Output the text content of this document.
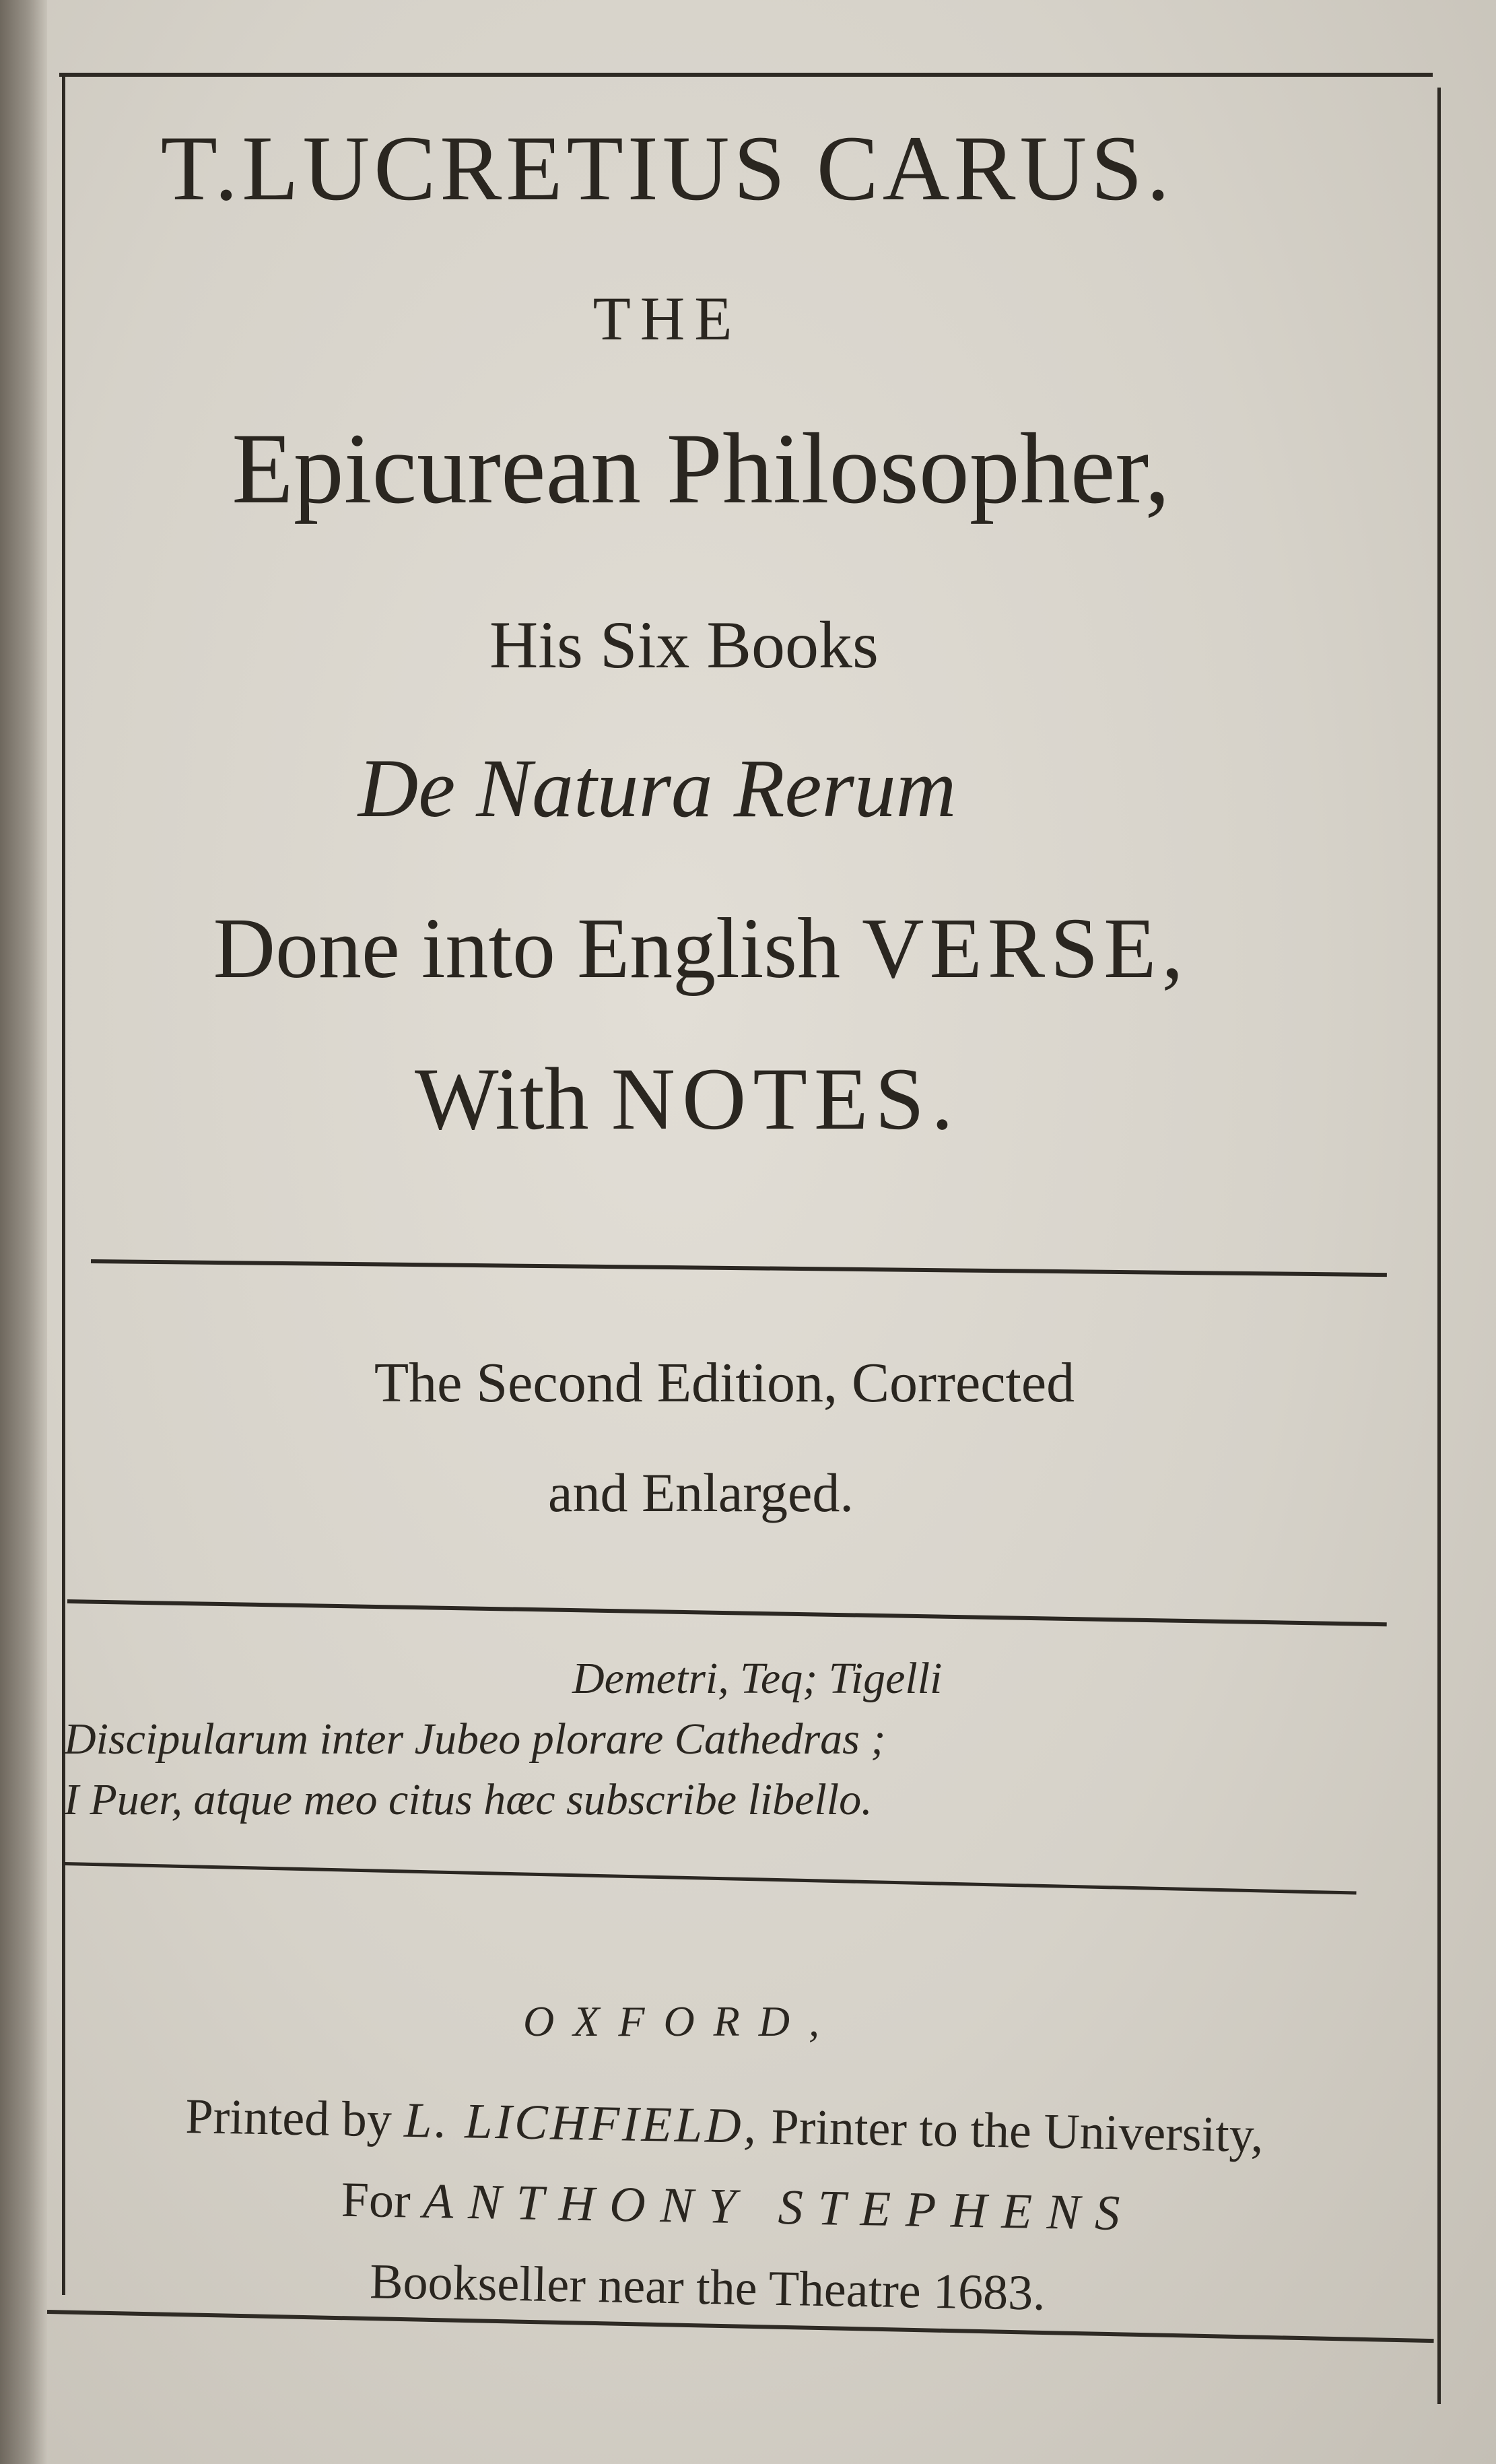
T.LUCRETIUS CARUS.
THE
Epicurean Philosopher,
His Six Books
De Natura Rerum
Done into English VERSE,
With NOTES.
The Second Edition, Corrected
and Enlarged.
Demetri, Teq; Tigelli
Discipularum inter Jubeo plorare Cathedras ;
I Puer, atque meo citus hæc subscribe libello.
OXFORD,
Printed by L. LICHFIELD, Printer to the University,
For ANTHONY STEPHENS
Bookseller near the Theatre 1683.
